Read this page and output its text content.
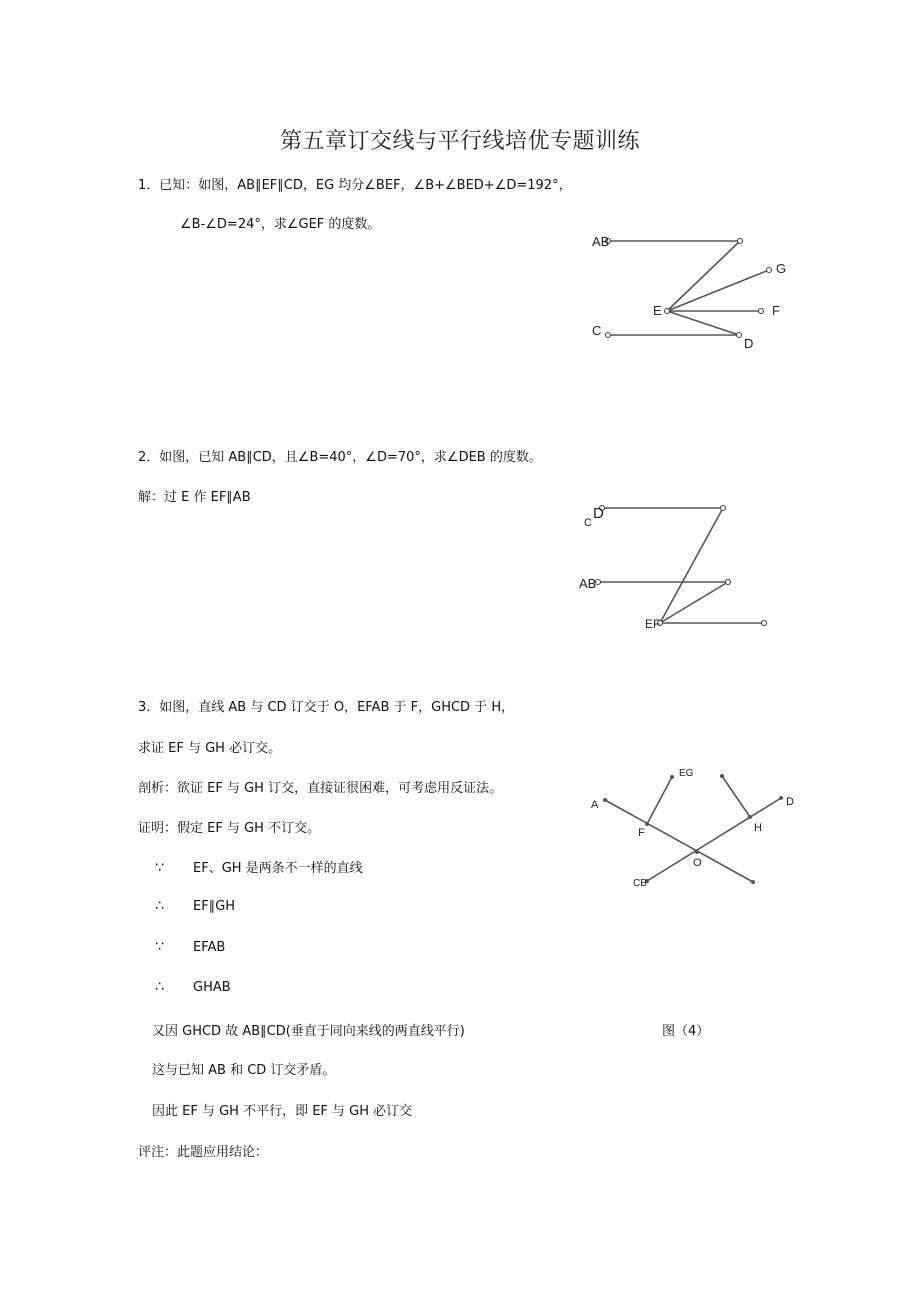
第五章订交线与平行线培优专题训练
1．已知：如图，AB∥EF∥CD，EG 均分∠BEF，∠B+∠BED+∠D=192°，
∠B-∠D=24°，求∠GEF 的度数。
AB
G
E	F
C
D
2．如图，已知 AB∥CD，且∠B=40°，∠D=70°，求∠DEB 的度数。
解：过 E 作 EF∥AB
C
D
AB
EF
3．如图，直线 AB 与 CD 订交于 O，EFAB 于 F，GHCD 于 H，
求证 EF 与 GH 必订交。
剖析：欲证 EF 与 GH 订交，直接证很困难，可考虑用反证法。
证明：假定 EF 与 GH 不订交。
∵ EF、GH 是两条不一样的直线
∴ EF∥GH
∵ EFAB
∴ GHAB
又因 GHCD 故 AB∥CD(垂直于同向来线的两直线平行)	图（4）
这与已知 AB 和 CD 订交矛盾。
因此 EF 与 GH 不平行，即 EF 与 GH 必订交
评注：此题应用结论：
A
EG
F	H
D
O
CB
